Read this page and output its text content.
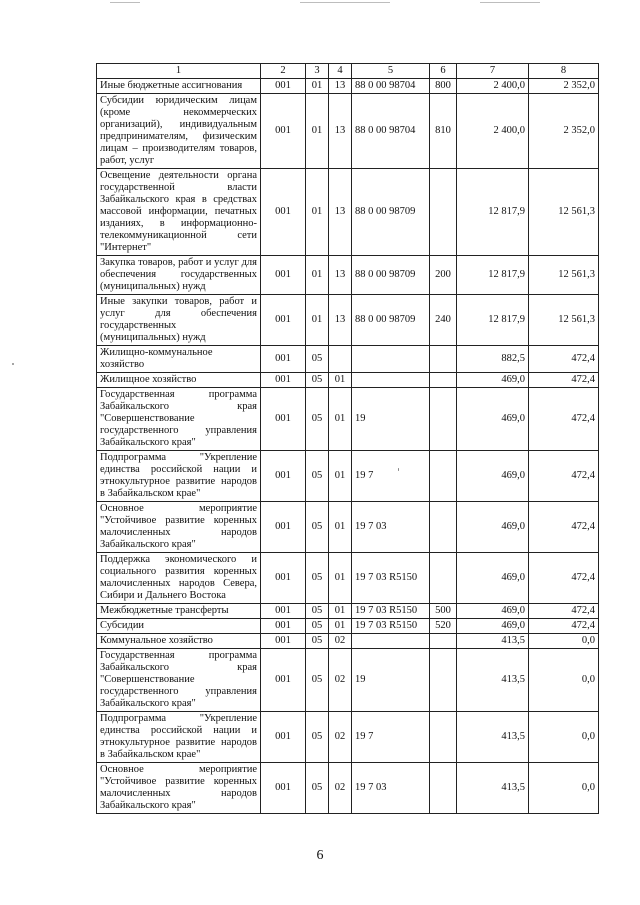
1	2	3	4	5	6	7	8
Иные бюджетные ассигнования	001	01	13	88 0 00 98704	800	2 400,0	2 352,0
Субсидии юридическим лицам (кроме некоммерческих организаций), индивидуальным предпринимателям, физическим лицам – производителям товаров, работ, услуг	001	01	13	88 0 00 98704	810	2 400,0	2 352,0
Освещение деятельности органа государственной власти Забайкальского края в средствах массовой информации, печатных изданиях, в информационно-телекоммуникационной сети "Интернет"	001	01	13	88 0 00 98709		12 817,9	12 561,3
Закупка товаров, работ и услуг для обеспечения государственных (муниципальных) нужд	001	01	13	88 0 00 98709	200	12 817,9	12 561,3
Иные закупки товаров, работ и услуг для обеспечения государственных (муниципальных) нужд	001	01	13	88 0 00 98709	240	12 817,9	12 561,3
Жилищно-коммунальное хозяйство	001	05				882,5	472,4
Жилищное хозяйство	001	05	01			469,0	472,4
Государственная программа Забайкальского края "Совершенствование государственного управления Забайкальского края"	001	05	01	19		469,0	472,4
Подпрограмма "Укрепление единства российской нации и этнокультурное развитие народов в Забайкальском крае"	001	05	01	19 7		469,0	472,4
Основное мероприятие "Устойчивое развитие коренных малочисленных народов Забайкальского края"	001	05	01	19 7 03		469,0	472,4
Поддержка экономического и социального развития коренных малочисленных народов Севера, Сибири и Дальнего Востока	001	05	01	19 7 03 R5150		469,0	472,4
Межбюджетные трансферты	001	05	01	19 7 03 R5150	500	469,0	472,4
Субсидии	001	05	01	19 7 03 R5150	520	469,0	472,4
Коммунальное хозяйство	001	05	02			413,5	0,0
Государственная программа Забайкальского края "Совершенствование государственного управления Забайкальского края"	001	05	02	19		413,5	0,0
Подпрограмма "Укрепление единства российской нации и этнокультурное развитие народов в Забайкальском крае"	001	05	02	19 7		413,5	0,0
Основное мероприятие "Устойчивое развитие коренных малочисленных народов Забайкальского края"	001	05	02	19 7 03		413,5	0,0
6
